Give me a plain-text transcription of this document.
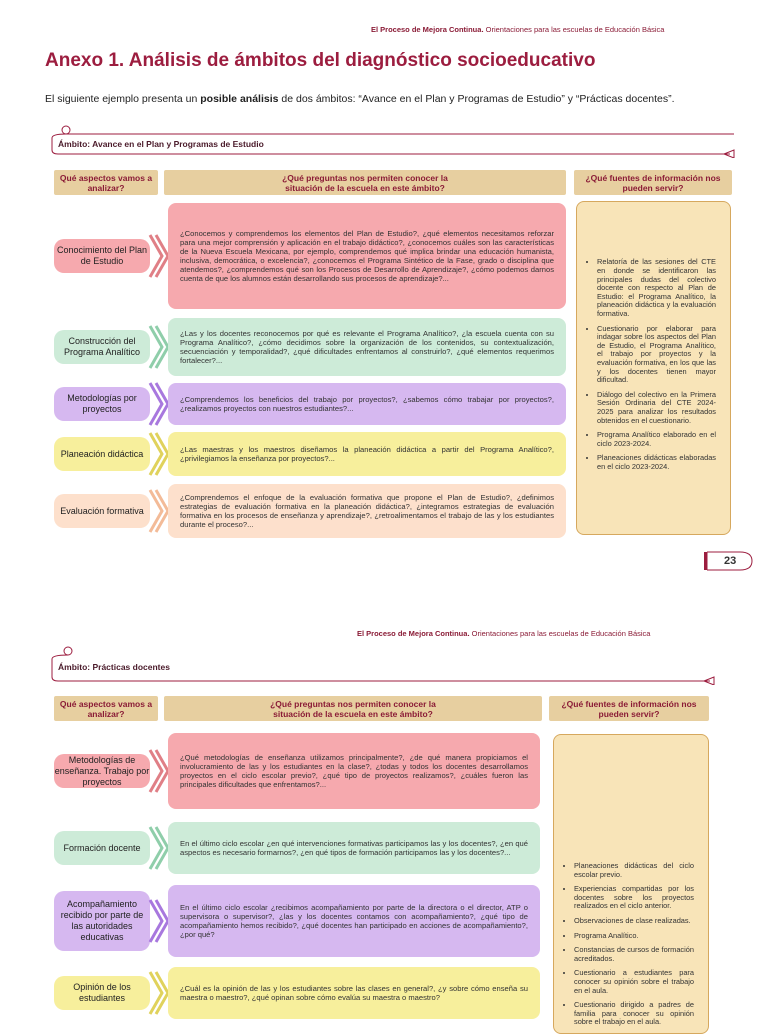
El Proceso de Mejora Continua. Orientaciones para las escuelas de Educación Básica
Anexo 1. Análisis de ámbitos del diagnóstico socioeducativo
El siguiente ejemplo presenta un posible análisis de dos ámbitos: “Avance en el Plan y Programas de Estudio” y “Prácticas docentes”.
Ámbito: Avance en el Plan y Programas de Estudio
Qué aspectos vamos a analizar?
¿Qué preguntas nos permiten conocer la situación de la escuela en este ámbito?
¿Qué fuentes de información nos pueden servir?
Conocimiento del Plan de Estudio
¿Conocemos y comprendemos los elementos del Plan de Estudio?, ¿qué elementos necesitamos reforzar para una mejor comprensión y aplicación en el trabajo didáctico?, ¿conocemos cuáles son las características de la Nueva Escuela Mexicana, por ejemplo, comprendemos qué implica brindar una educación humanista, inclusiva, democrática, o excelencia?, ¿conocemos el Programa Sintético de la Fase, grado o disciplina que atendemos?, ¿comprendemos qué son los Procesos de Desarrollo de Aprendizaje?, ¿cómo podemos darnos cuenta de que los alumnos están desarrollando sus procesos de aprendizaje?...
Construcción del Programa Analítico
¿Las y los docentes reconocemos por qué es relevante el Programa Analítico?, ¿la escuela cuenta con su Programa Analítico?, ¿cómo decidimos sobre la organización de los contenidos, su contextualización, secuenciación y temporalidad?, ¿qué dificultades enfrentamos al construirlo?, ¿qué elementos requerimos fortalecer?...
Metodologías por proyectos
¿Comprendemos los beneficios del trabajo por proyectos?, ¿sabemos cómo trabajar por proyectos?, ¿realizamos proyectos con nuestros estudiantes?...
Planeación didáctica	¿Las maestras y los maestros diseñamos la planeación didáctica a partir del Programa Analítico?, ¿privilegiamos la enseñanza por proyectos?...
Evaluación formativa
¿Comprendemos el enfoque de la evaluación formativa que propone el Plan de Estudio?, ¿definimos estrategias de evaluación formativa en la planeación didáctica?, ¿integramos estrategias de evaluación formativa en los procesos de enseñanza y aprendizaje?, ¿retroalimentamos el trabajo de las y los estudiantes durante el proceso?...
• Relatoría de las sesiones del CTE en donde se identificaron las principales dudas del colectivo docente con respecto al Plan de Estudio: el Programa Analítico, la planeación didáctica y la evaluación formativa.
• Cuestionario por elaborar para indagar sobre los aspectos del Plan de Estudio, el Programa Analítico, el trabajo por proyectos y la evaluación formativa, en los que las y los docentes tienen mayor dificultad.
• Diálogo del colectivo en la Primera Sesión Ordinaria del CTE 2024-2025 para analizar los resultados obtenidos en el cuestionario.
• Programa Analítico elaborado en el ciclo 2023-2024.
• Planeaciones didácticas elaboradas en el ciclo 2023-2024.
23
El Proceso de Mejora Continua. Orientaciones para las escuelas de Educación Básica
Ámbito: Prácticas docentes
Qué aspectos vamos a analizar?
¿Qué preguntas nos permiten conocer la situación de la escuela en este ámbito?
¿Qué fuentes de información nos pueden servir?
Metodologías de enseñanza. Trabajo por proyectos
¿Qué metodologías de enseñanza utilizamos principalmente?, ¿de qué manera propiciamos el involucramiento de las y los estudiantes en la clase?, ¿todas y todos los docentes desarrollamos proyectos en el ciclo escolar previo?, ¿qué tipo de proyectos realizamos?, ¿cuáles fueron las principales dificultades que enfrentamos?...
Formación docente	En el último ciclo escolar ¿en qué intervenciones formativas participamos las y los docentes?, ¿en qué aspectos es necesario formarnos?, ¿en qué tipos de formación participamos las y los docentes?...
Acompañamiento recibido por parte de las autoridades educativas
En el último ciclo escolar ¿recibimos acompañamiento por parte de la directora o el director, ATP o supervisora o supervisor?, ¿las y los docentes contamos con acompañamiento?, ¿qué tipo de acompañamiento hemos recibido?, ¿qué docentes han participado en acciones de acompañamiento?, ¿por qué?
Opinión de los estudiantes
¿Cuál es la opinión de las y los estudiantes sobre las clases en general?, ¿y sobre cómo enseña su maestra o maestro?, ¿qué opinan sobre cómo evalúa su maestra o maestro?
• Planeaciones didácticas del ciclo escolar previo.
• Experiencias compartidas por los docentes sobre los proyectos realizados en el ciclo anterior.
• Observaciones de clase realizadas.
• Programa Analítico.
• Constancias de cursos de formación acreditados.
• Cuestionario a estudiantes para conocer su opinión sobre el trabajo en el aula.
• Cuestionario dirigido a padres de familia para conocer su opinión sobre el trabajo en el aula.
